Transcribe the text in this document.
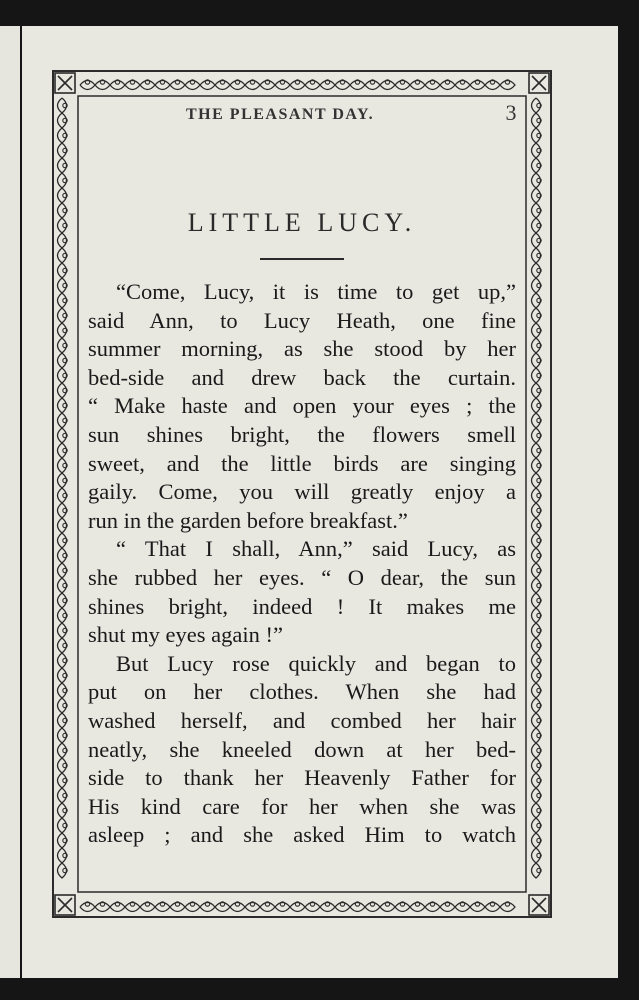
THE PLEASANT DAY.	3
LITTLE LUCY.
“Come, Lucy, it is time to get up,”
said Ann, to Lucy Heath, one fine
summer morning, as she stood by her
bed-side and drew back the curtain.
“ Make haste and open your eyes ; the
sun shines bright, the flowers smell
sweet, and the little birds are singing
gaily. Come, you will greatly enjoy a
run in the garden before breakfast.”
“ That I shall, Ann,” said Lucy, as
she rubbed her eyes. “ O dear, the sun
shines bright, indeed ! It makes me
shut my eyes again !”
But Lucy rose quickly and began to
put on her clothes. When she had
washed herself, and combed her hair
neatly, she kneeled down at her bed-
side to thank her Heavenly Father for
His kind care for her when she was
asleep ; and she asked Him to watch
